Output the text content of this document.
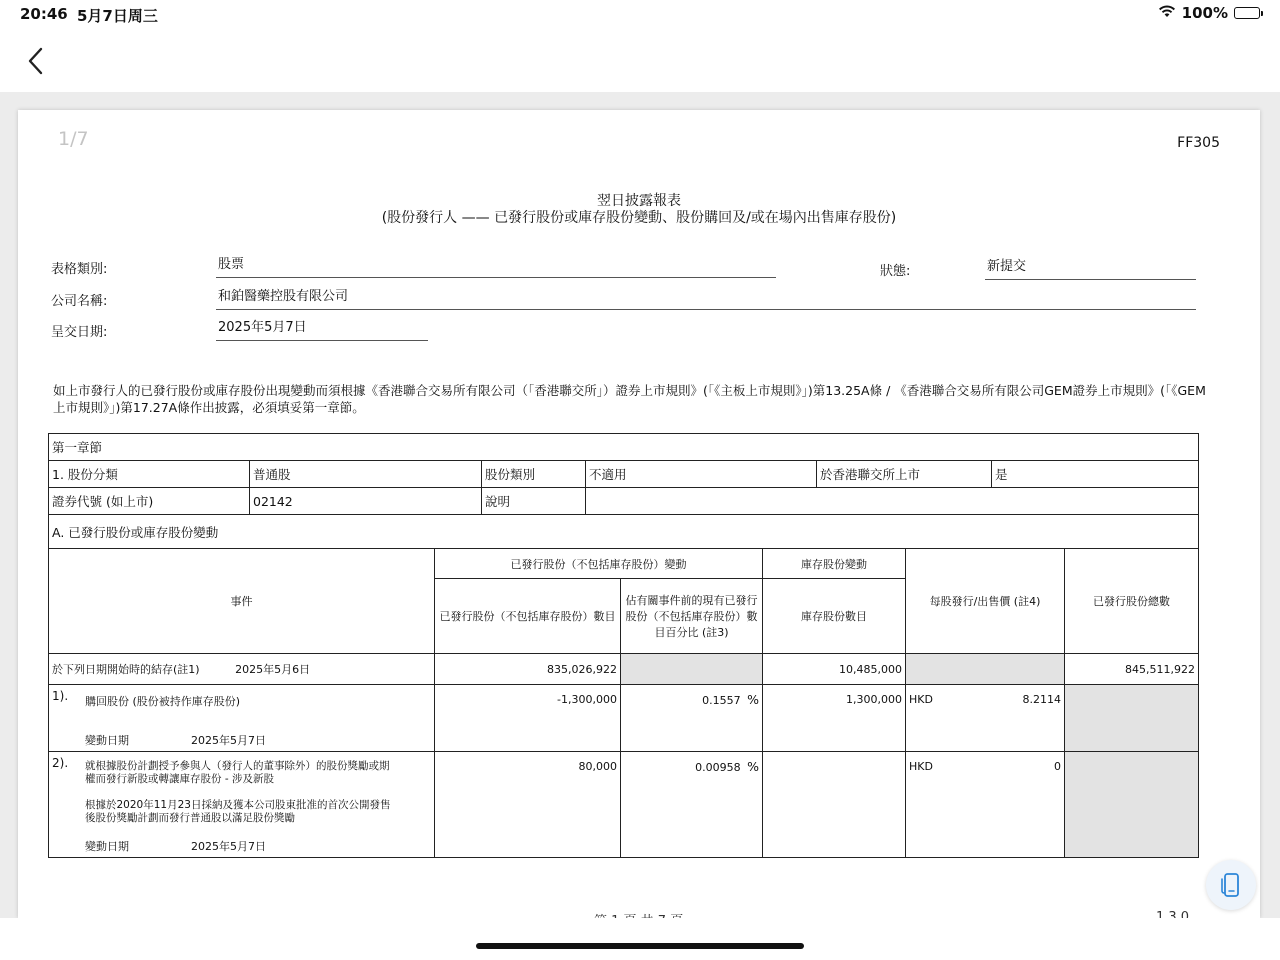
20:46 5月7日周三	100%
1/7	FF305
翌日披露報表
(股份發行人 —— 已發行股份或庫存股份變動、股份購回及/或在場內出售庫存股份)
表格類別:	股票	狀態:	新提交
公司名稱:	和鉑醫藥控股有限公司
呈交日期:	2025年5月7日
如上市發行人的已發行股份或庫存股份出現變動而須根據《香港聯合交易所有限公司（「香港聯交所」）證券上市規則》(「《主板上市規則》」)第13.25A條 / 《香港聯合交易所有限公司GEM證券上市規則》(「《GEM上市規則》」)第17.27A條作出披露，必須填妥第一章節。
第一章節					
1. 股份分類	普通股	股份類別	不適用	於香港聯交所上市	是
證券代號 (如上市)	02142	說明			
A. 已發行股份或庫存股份變動					
事件	已發行股份（不包括庫存股份）變動		庫存股份變動	每股發行/出售價 (註4)	已發行股份總數
	已發行股份（不包括庫存股份）數目	佔有關事件前的現有已發行股份（不包括庫存股份）數目百分比 (註3)	庫存股份數目		
於下列日期開始時的結存(註1) 2025年5月6日	835,026,922		10,485,000		845,511,922

1). 購回股份 (股份被持作庫存股份)
變動日期 2025年5月7日	-1,300,000	0.1557 %	1,300,000	HKD 8.2114	

2). 就根據股份計劃授予參與人（發行人的董事除外）的股份獎勵或期權而發行新股或轉讓庫存股份 - 涉及新股
根據於2020年11月23日採納及獲本公司股東批准的首次公開發售後股份獎勵計劃而發行普通股以滿足股份獎勵
變動日期 2025年5月7日	80,000	0.00958 %		HKD 0	
